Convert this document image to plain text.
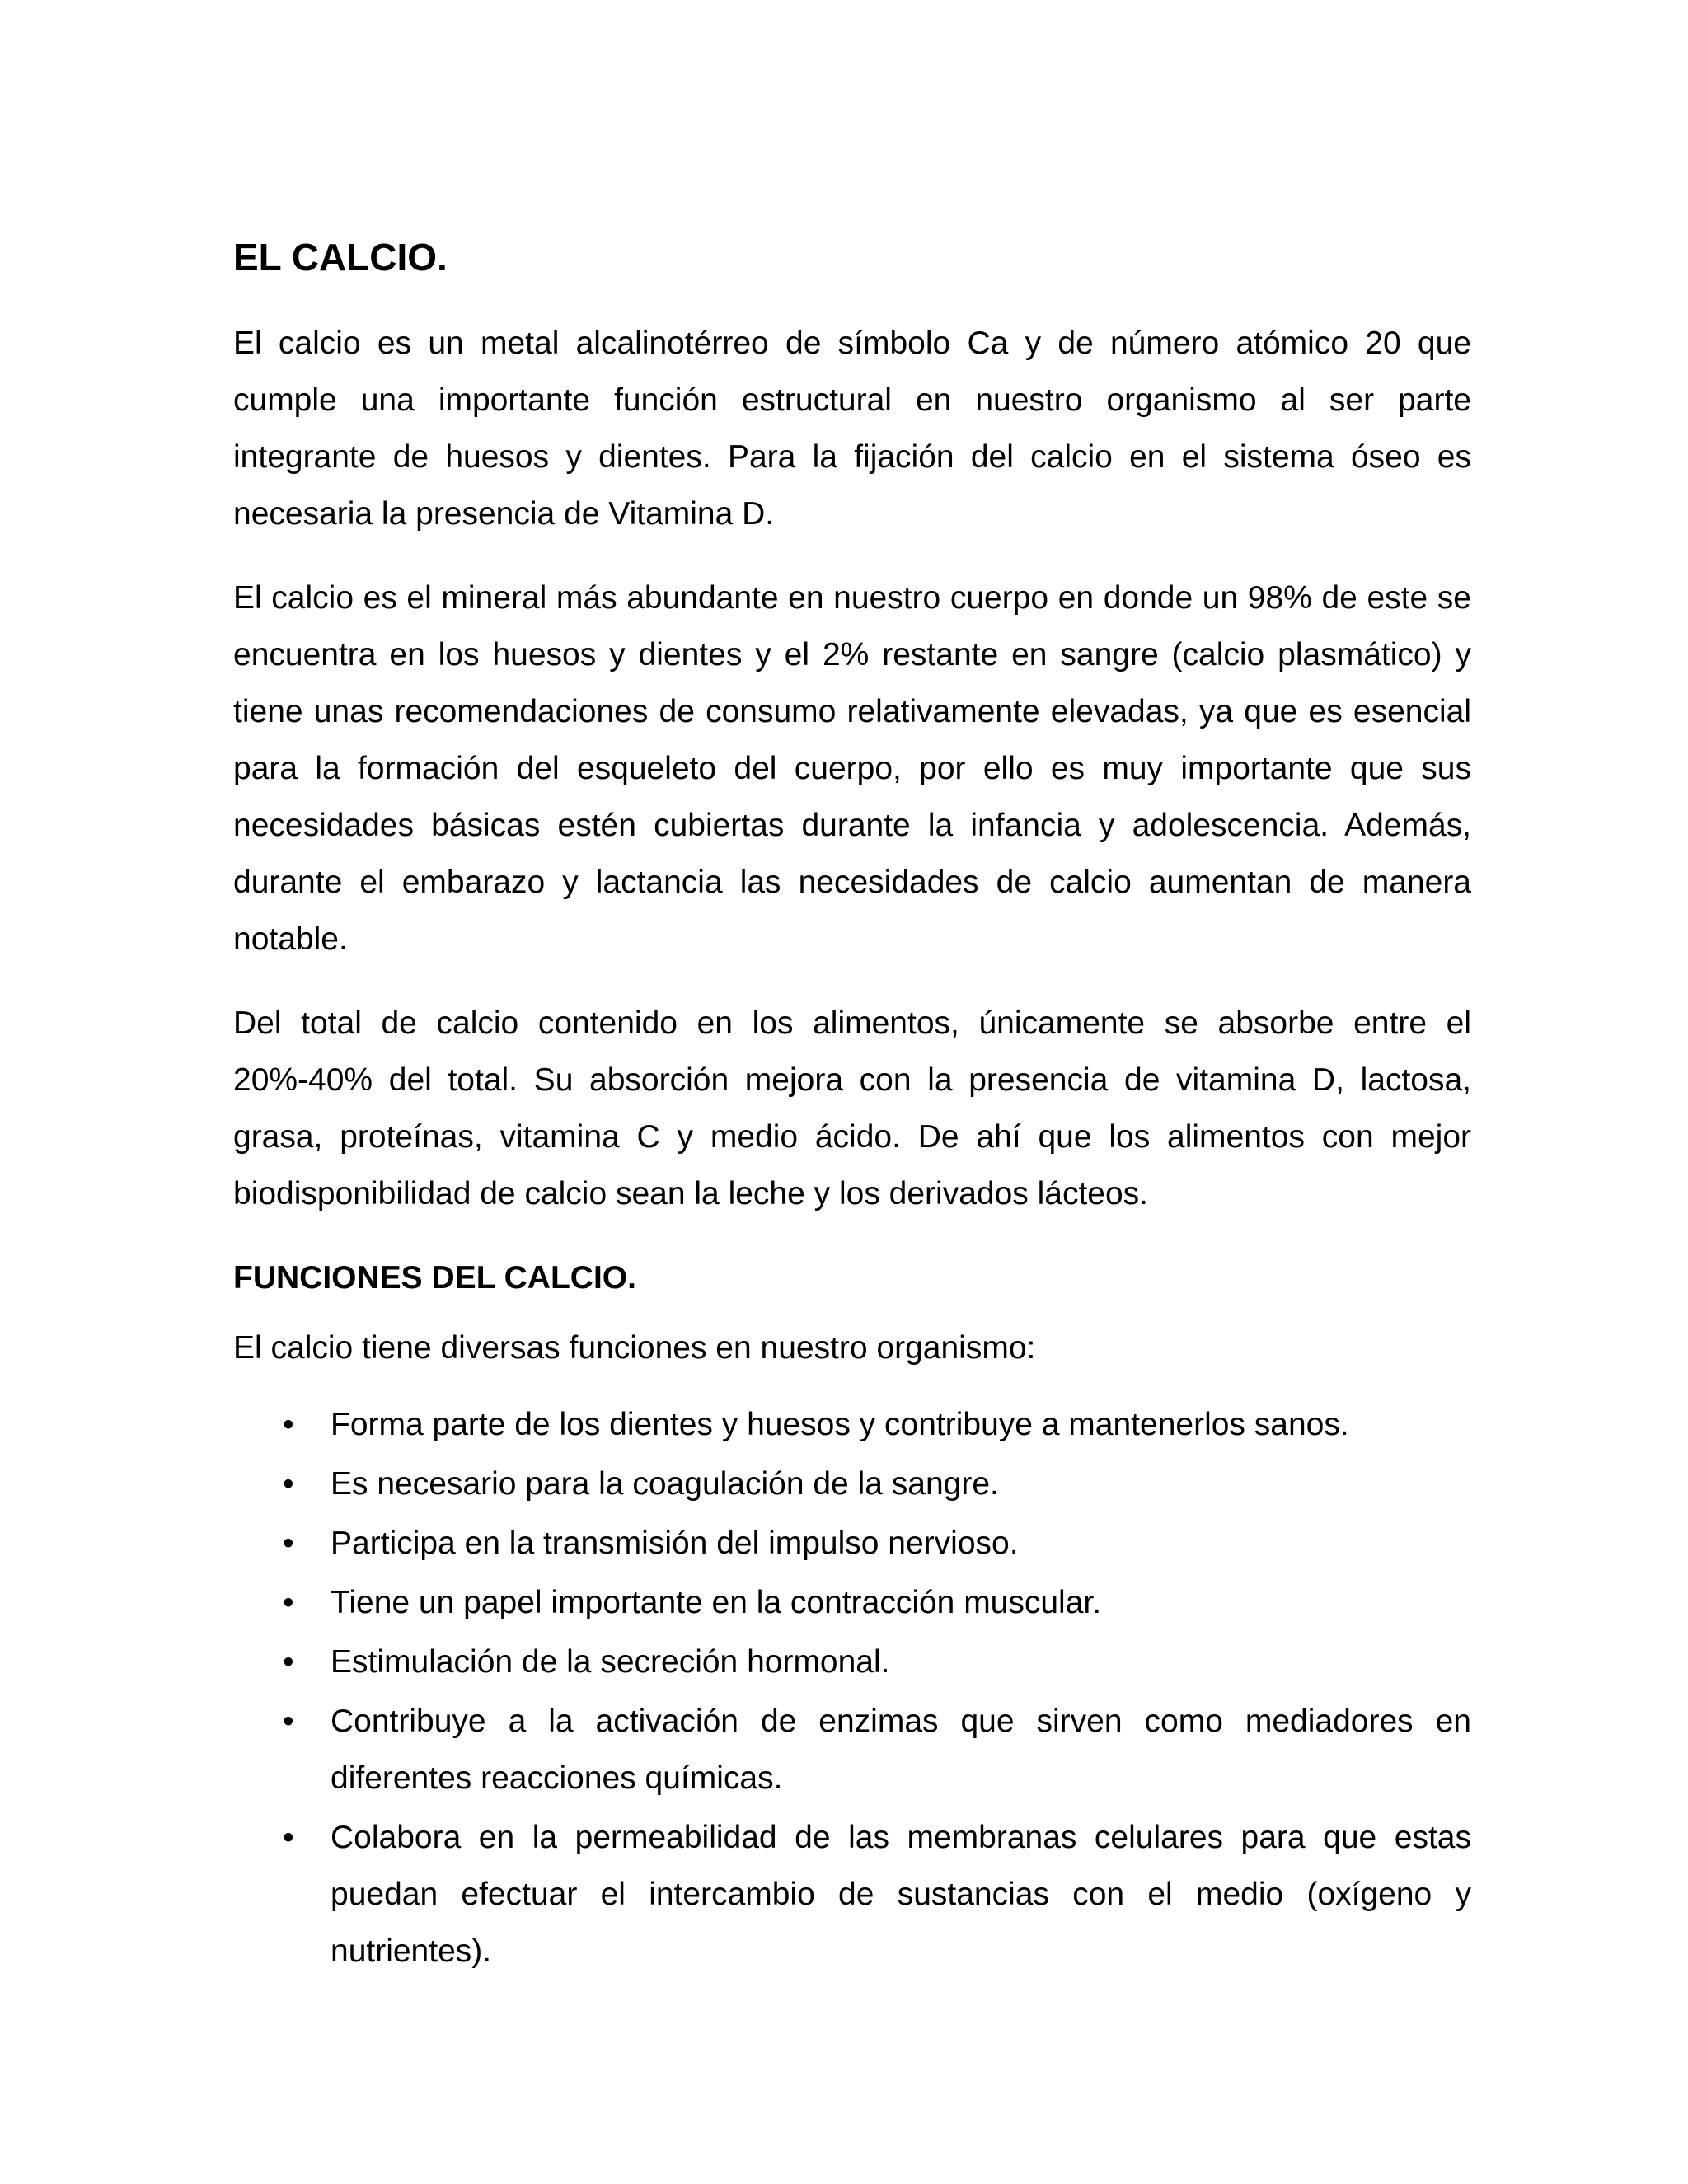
EL CALCIO.

El calcio es un metal alcalinotérreo de símbolo Ca y de número atómico 20 que cumple una importante función estructural en nuestro organismo al ser parte integrante de huesos y dientes. Para la fijación del calcio en el sistema óseo es necesaria la presencia de Vitamina D.

El calcio es el mineral más abundante en nuestro cuerpo en donde un 98% de este se encuentra en los huesos y dientes y el 2% restante en sangre (calcio plasmático) y tiene unas recomendaciones de consumo relativamente elevadas, ya que es esencial para la formación del esqueleto del cuerpo, por ello es muy importante que sus necesidades básicas estén cubiertas durante la infancia y adolescencia. Además, durante el embarazo y lactancia las necesidades de calcio aumentan de manera notable.

Del total de calcio contenido en los alimentos, únicamente se absorbe entre el 20%-40% del total. Su absorción mejora con la presencia de vitamina D, lactosa, grasa, proteínas, vitamina C y medio ácido. De ahí que los alimentos con mejor biodisponibilidad de calcio sean la leche y los derivados lácteos.

FUNCIONES DEL CALCIO.

El calcio tiene diversas funciones en nuestro organismo:

• Forma parte de los dientes y huesos y contribuye a mantenerlos sanos.
• Es necesario para la coagulación de la sangre.
• Participa en la transmisión del impulso nervioso.
• Tiene un papel importante en la contracción muscular.
• Estimulación de la secreción hormonal.
• Contribuye a la activación de enzimas que sirven como mediadores en diferentes reacciones químicas.
• Colabora en la permeabilidad de las membranas celulares para que estas puedan efectuar el intercambio de sustancias con el medio (oxígeno y nutrientes).
